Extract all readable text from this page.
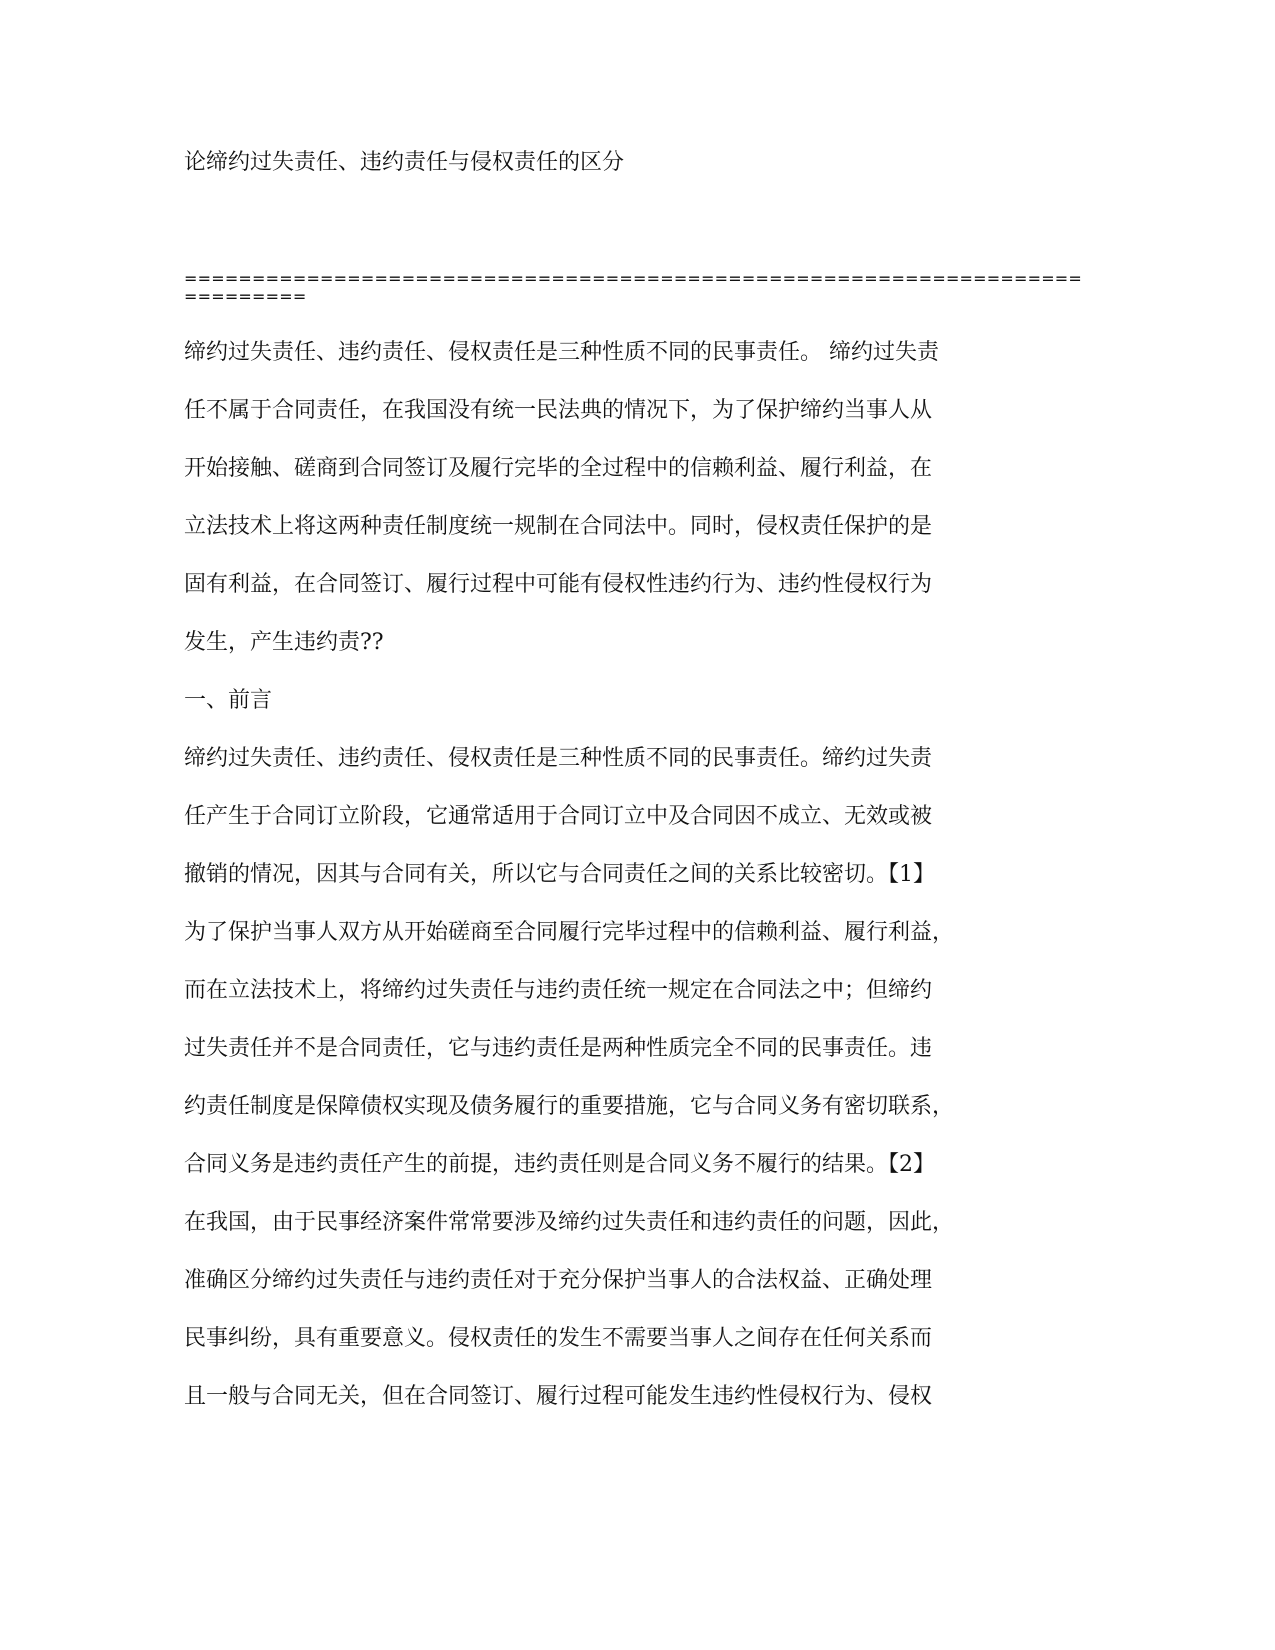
论缔约过失责任、违约责任与侵权责任的区分
===========================================================================
缔约过失责任、违约责任、侵权责任是三种性质不同的民事责任。 缔约过失责
任不属于合同责任，在我国没有统一民法典的情况下，为了保护缔约当事人从
开始接触、磋商到合同签订及履行完毕的全过程中的信赖利益、履行利益，在
立法技术上将这两种责任制度统一规制在合同法中。同时，侵权责任保护的是
固有利益，在合同签订、履行过程中可能有侵权性违约行为、违约性侵权行为
发生，产生违约责??
一、前言
缔约过失责任、违约责任、侵权责任是三种性质不同的民事责任。缔约过失责
任产生于合同订立阶段，它通常适用于合同订立中及合同因不成立、无效或被
撤销的情况，因其与合同有关，所以它与合同责任之间的关系比较密切。【1】
为了保护当事人双方从开始磋商至合同履行完毕过程中的信赖利益、履行利益，
而在立法技术上，将缔约过失责任与违约责任统一规定在合同法之中；但缔约
过失责任并不是合同责任，它与违约责任是两种性质完全不同的民事责任。违
约责任制度是保障债权实现及债务履行的重要措施，它与合同义务有密切联系，
合同义务是违约责任产生的前提，违约责任则是合同义务不履行的结果。【2】
在我国，由于民事经济案件常常要涉及缔约过失责任和违约责任的问题，因此，
准确区分缔约过失责任与违约责任对于充分保护当事人的合法权益、正确处理
民事纠纷，具有重要意义。侵权责任的发生不需要当事人之间存在任何关系而
且一般与合同无关，但在合同签订、履行过程可能发生违约性侵权行为、侵权
